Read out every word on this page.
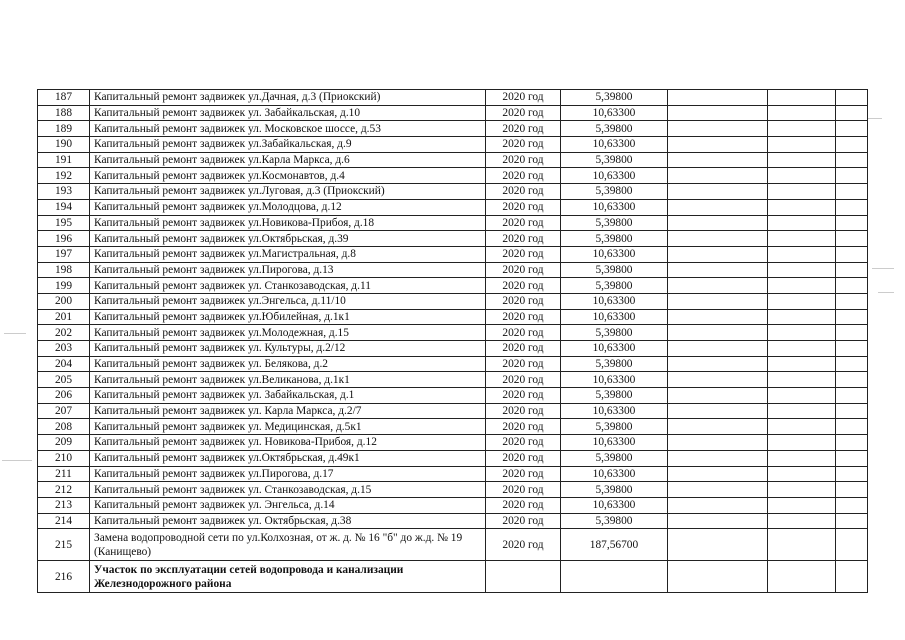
187	Капитальный ремонт задвижек ул.Дачная, д.3 (Приокский)	2020 год	5,39800			
188	Капитальный ремонт задвижек ул. Забайкальская, д.10	2020 год	10,63300			
189	Капитальный ремонт задвижек ул. Московское шоссе, д.53	2020 год	5,39800			
190	Капитальный ремонт задвижек ул.Забайкальская, д.9	2020 год	10,63300			
191	Капитальный ремонт задвижек ул.Карла Маркса, д.6	2020 год	5,39800			
192	Капитальный ремонт задвижек ул.Космонавтов, д.4	2020 год	10,63300			
193	Капитальный ремонт задвижек ул.Луговая, д.3 (Приокский)	2020 год	5,39800			
194	Капитальный ремонт задвижек ул.Молодцова, д.12	2020 год	10,63300			
195	Капитальный ремонт задвижек ул.Новикова-Прибоя, д.18	2020 год	5,39800			
196	Капитальный ремонт задвижек ул.Октябрьская, д.39	2020 год	5,39800			
197	Капитальный ремонт задвижек ул.Магистральная, д.8	2020 год	10,63300			
198	Капитальный ремонт задвижек ул.Пирогова, д.13	2020 год	5,39800			
199	Капитальный ремонт задвижек ул. Станкозаводская, д.11	2020 год	5,39800			
200	Капитальный ремонт задвижек ул.Энгельса, д.11/10	2020 год	10,63300			
201	Капитальный ремонт задвижек ул.Юбилейная, д.1к1	2020 год	10,63300			
202	Капитальный ремонт задвижек ул.Молодежная, д.15	2020 год	5,39800			
203	Капитальный ремонт задвижек ул. Культуры, д.2/12	2020 год	10,63300			
204	Капитальный ремонт задвижек ул. Белякова, д.2	2020 год	5,39800			
205	Капитальный ремонт задвижек ул.Великанова, д.1к1	2020 год	10,63300			
206	Капитальный ремонт задвижек ул. Забайкальская, д.1	2020 год	5,39800			
207	Капитальный ремонт задвижек ул. Карла Маркса, д.2/7	2020 год	10,63300			
208	Капитальный ремонт задвижек ул. Медицинская, д.5к1	2020 год	5,39800			
209	Капитальный ремонт задвижек ул. Новикова-Прибоя, д.12	2020 год	10,63300			
210	Капитальный ремонт задвижек ул.Октябрьская, д.49к1	2020 год	5,39800			
211	Капитальный ремонт задвижек ул.Пирогова, д.17	2020 год	10,63300			
212	Капитальный ремонт задвижек ул. Станкозаводская, д.15	2020 год	5,39800			
213	Капитальный ремонт задвижек ул. Энгельса, д.14	2020 год	10,63300			
214	Капитальный ремонт задвижек ул. Октябрьская, д.38	2020 год	5,39800			
215	Замена водопроводной сети по ул.Колхозная, от ж. д. № 16 "б" до ж.д. № 19 (Канищево)	2020 год	187,56700			
216	Участок по эксплуатации сетей водопровода и канализации Железнодорожного района					
